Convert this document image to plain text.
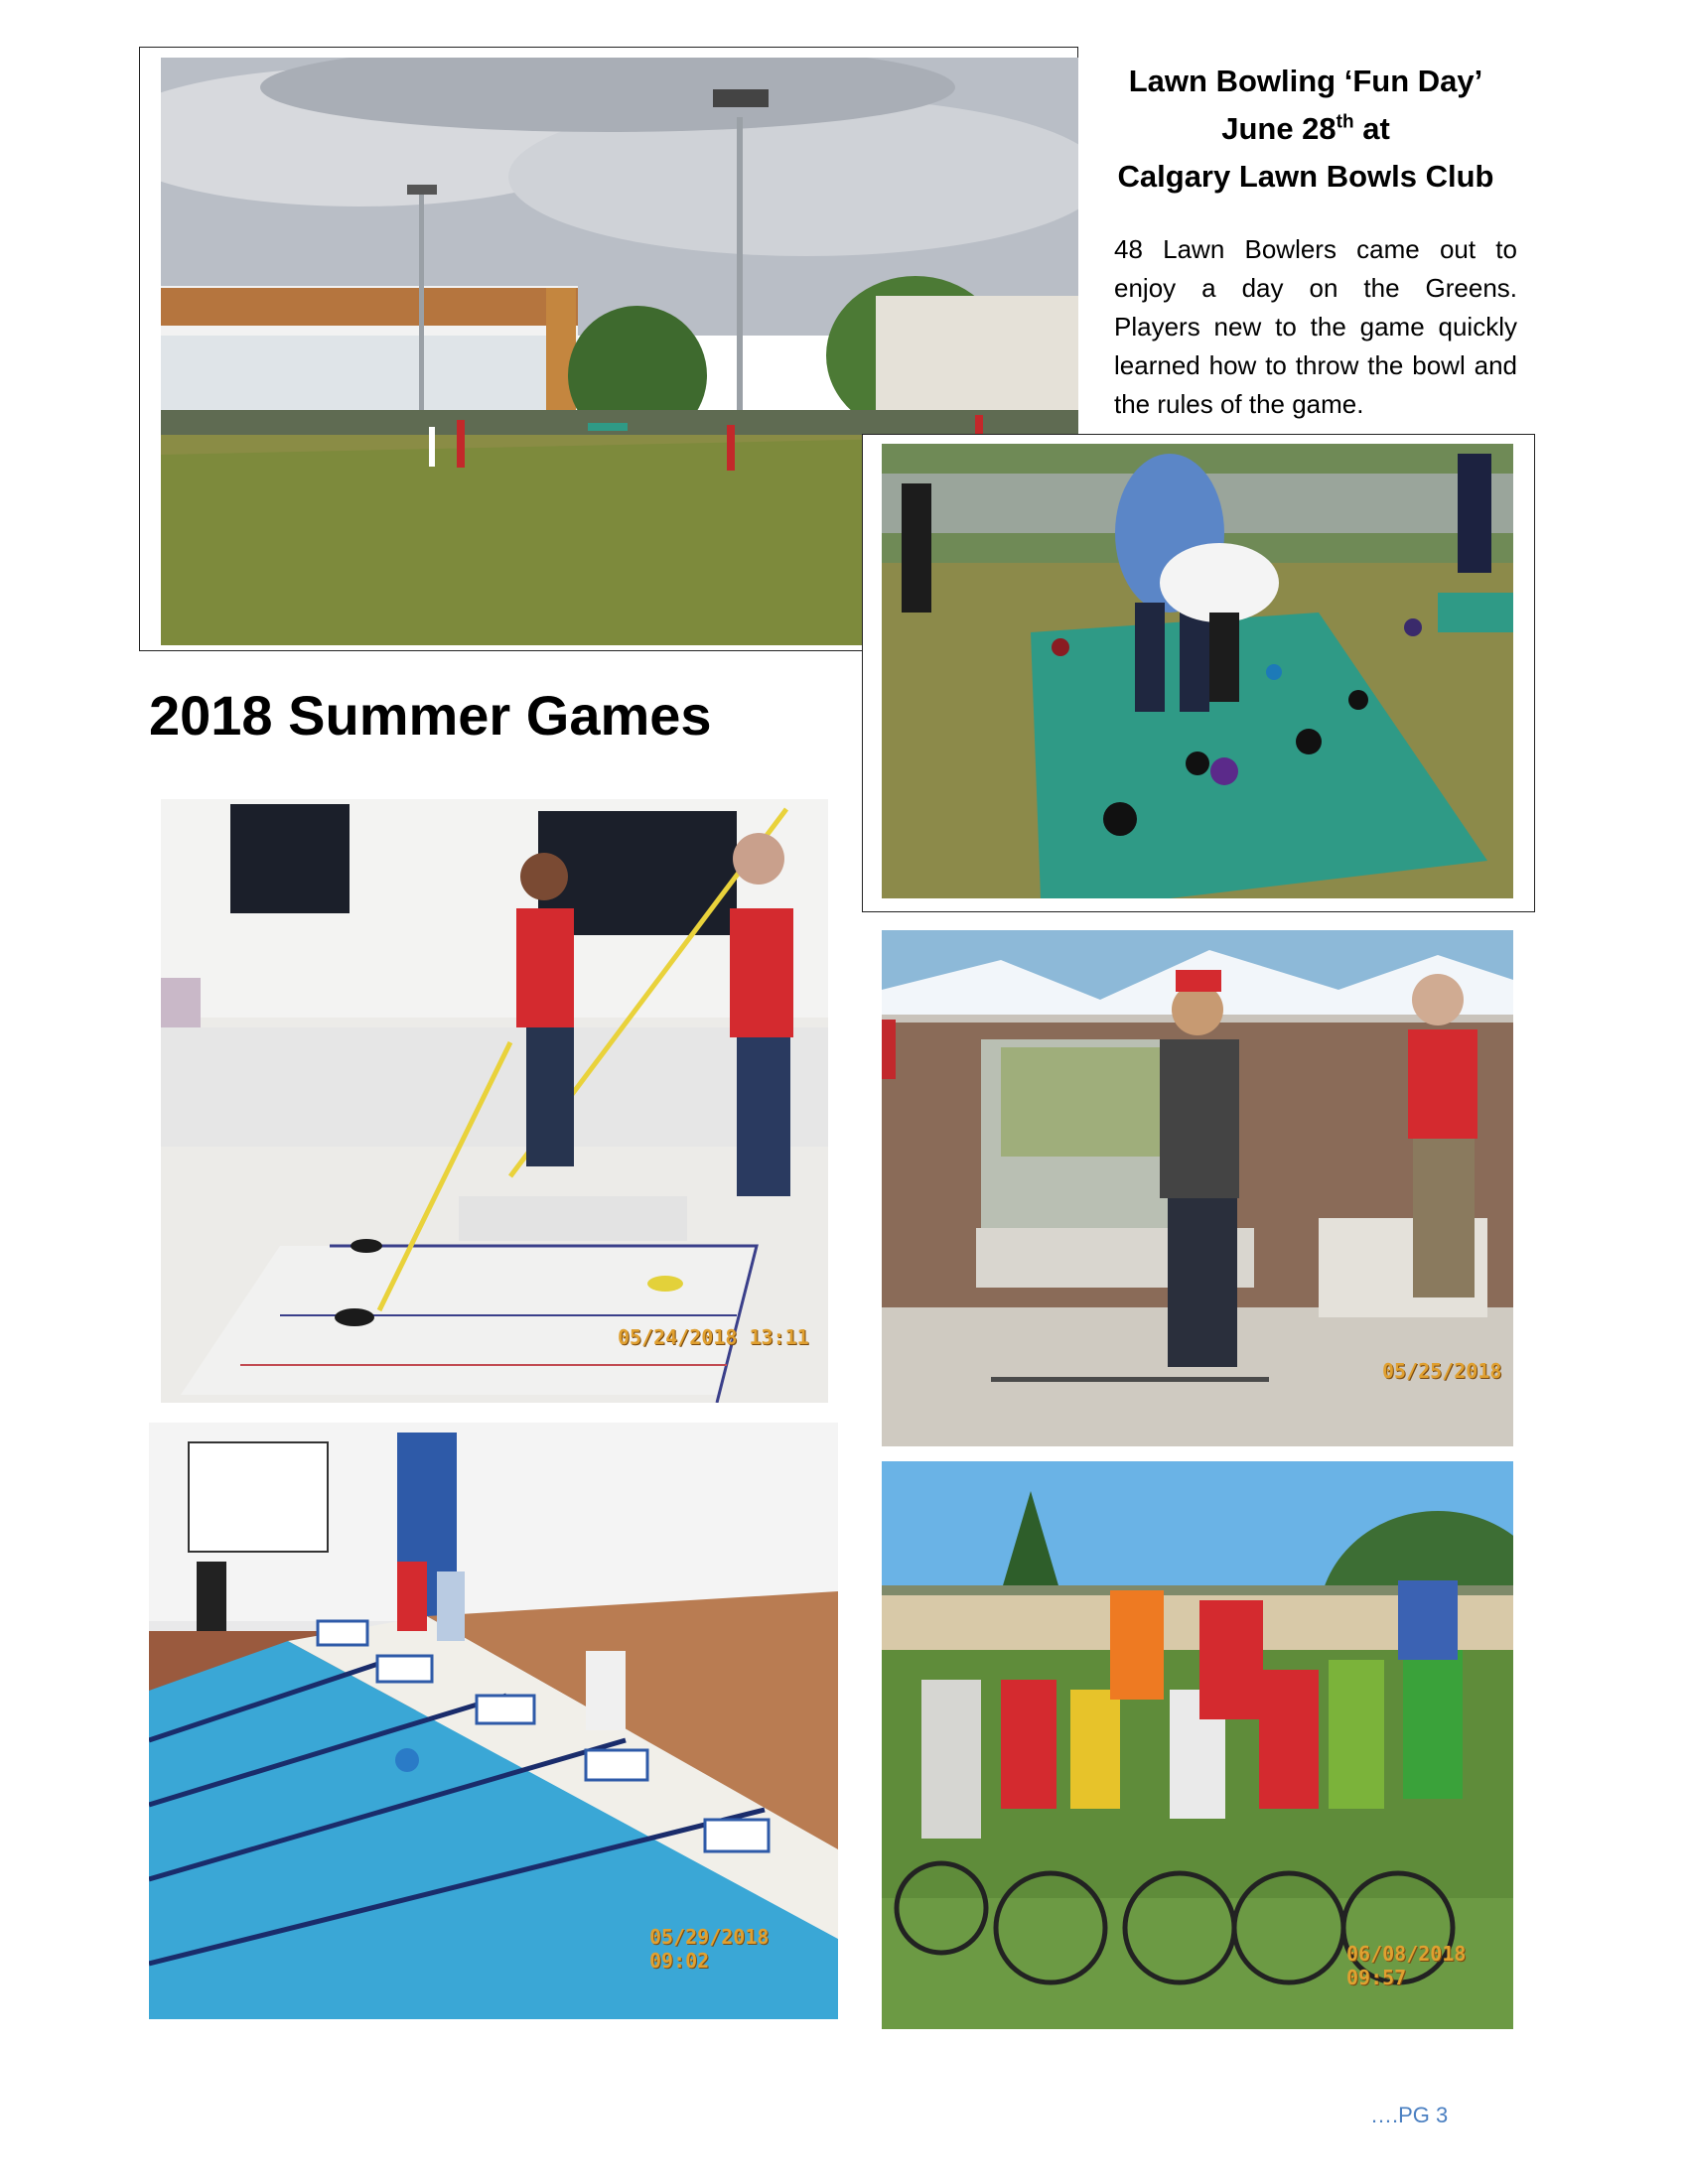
Lawn Bowling ‘Fun Day’
June 28th at
Calgary Lawn Bowls Club
48 Lawn Bowlers came out to enjoy a day on the Greens. Players new to the game quickly learned how to throw the bowl and the rules of the game.
2018 Summer Games
05/24/2018 13:11
05/25/2018
05/29/2018 09:02	06/08/2018 09:57
….PG 3
